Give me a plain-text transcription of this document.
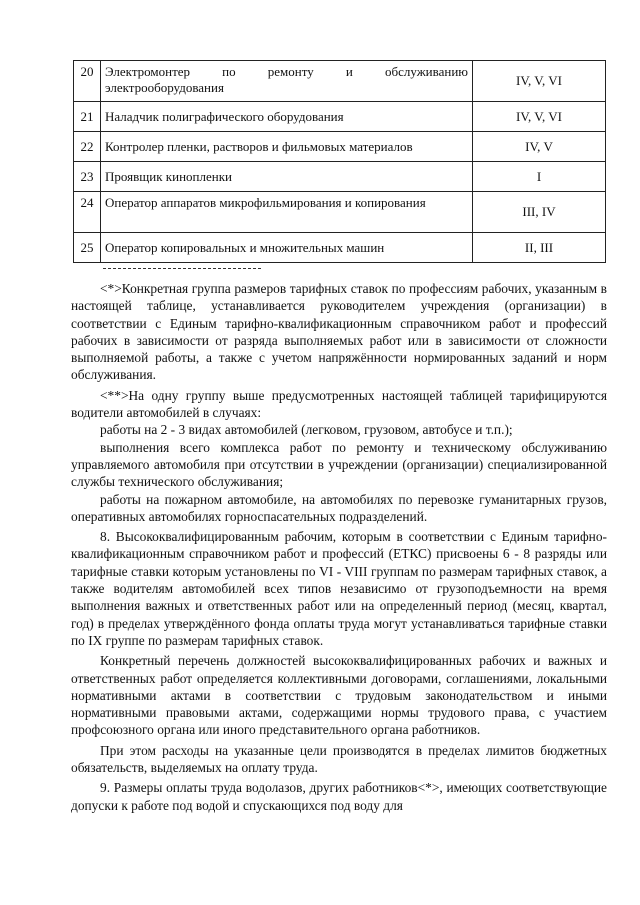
20	Электромонтер по ремонту и обслуживанию электрооборудования	IV, V, VI
21	Наладчик полиграфического оборудования	IV, V, VI
22	Контролер пленки, растворов и фильмовых материалов	IV, V
23	Проявщик кинопленки	I
24	Оператор аппаратов микрофильмирования и копирования	III, IV
25	Оператор копировальных и множительных машин	II, III

<*>Конкретная группа размеров тарифных ставок по профессиям рабочих, указанным в настоящей таблице, устанавливается руководителем учреждения (организации) в соответствии с Единым тарифно-квалификационным справочником работ и профессий рабочих в зависимости от разряда выполняемых работ или в зависимости от сложности выполняемой работы, а также с учетом напряжённости нормированных заданий и норм обслуживания.

<**>На одну группу выше предусмотренных настоящей таблицей тарифицируются водители автомобилей в случаях:

работы на 2 - 3 видах автомобилей (легковом, грузовом, автобусе и т.п.);

выполнения всего комплекса работ по ремонту и техническому обслуживанию управляемого автомобиля при отсутствии в учреждении (организации) специализированной службы технического обслуживания;

работы на пожарном автомобиле, на автомобилях по перевозке гуманитарных грузов, оперативных автомобилях горноспасательных подразделений.

8. Высококвалифицированным рабочим, которым в соответствии с Единым тарифно-квалификационным справочником работ и профессий (ЕТКС) присвоены 6 - 8 разряды или тарифные ставки которым установлены по VI - VIII группам по размерам тарифных ставок, а также водителям автомобилей всех типов независимо от грузоподъемности на время выполнения важных и ответственных работ или на определенный период (месяц, квартал, год) в пределах утверждённого фонда оплаты труда могут устанавливаться тарифные ставки по IX группе по размерам тарифных ставок.

Конкретный перечень должностей высококвалифицированных рабочих и важных и ответственных работ определяется коллективными договорами, соглашениями, локальными нормативными актами в соответствии с трудовым законодательством и иными нормативными правовыми актами, содержащими нормы трудового права, с участием профсоюзного органа или иного представительного органа работников.

При этом расходы на указанные цели производятся в пределах лимитов бюджетных обязательств, выделяемых на оплату труда.

9. Размеры оплаты труда водолазов, других работников<*>, имеющих соответствующие допуски к работе под водой и спускающихся под воду для
